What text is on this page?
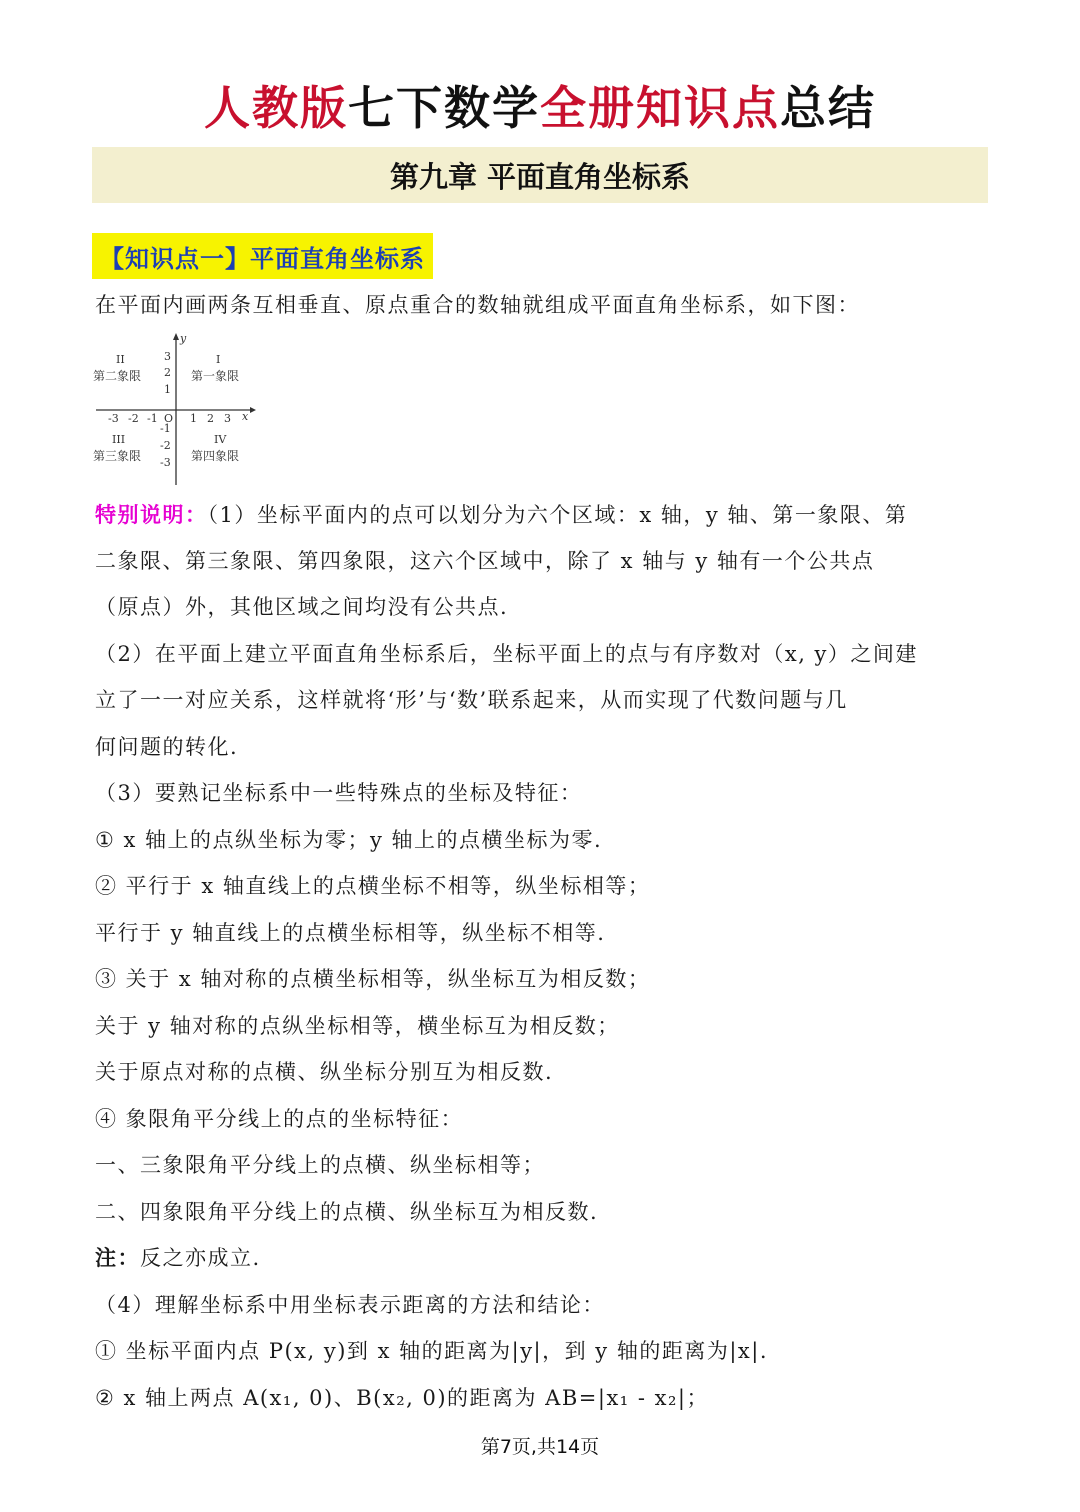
人教版七下数学全册知识点总结
第九章 平面直角坐标系
【知识点一】平面直角坐标系
在平面内画两条互相垂直、原点重合的数轴就组成平面直角坐标系，如下图：
y
x
O
II
第二象限
I
第一象限
III
第三象限
IV
第四象限
3
2
1
-1
-2
-3
1 2 3
-3 -2 -1
特别说明：（1）坐标平面内的点可以划分为六个区域：x 轴，y 轴、第一象限、第
二象限、第三象限、第四象限，这六个区域中，除了 x 轴与 y 轴有一个公共点
（原点）外，其他区域之间均没有公共点.
（2）在平面上建立平面直角坐标系后，坐标平面上的点与有序数对（x, y）之间建
立了一一对应关系，这样就将‘形’与‘数’联系起来，从而实现了代数问题与几
何问题的转化.
（3）要熟记坐标系中一些特殊点的坐标及特征：
① x 轴上的点纵坐标为零；y 轴上的点横坐标为零.
② 平行于 x 轴直线上的点横坐标不相等，纵坐标相等；
平行于 y 轴直线上的点横坐标相等，纵坐标不相等.
③ 关于 x 轴对称的点横坐标相等，纵坐标互为相反数；
关于 y 轴对称的点纵坐标相等，横坐标互为相反数；
关于原点对称的点横、纵坐标分别互为相反数.
④ 象限角平分线上的点的坐标特征：
一、三象限角平分线上的点横、纵坐标相等；
二、四象限角平分线上的点横、纵坐标互为相反数.
注：反之亦成立.
（4）理解坐标系中用坐标表示距离的方法和结论：
① 坐标平面内点 P(x, y)到 x 轴的距离为|y|，到 y 轴的距离为|x|.
② x 轴上两点 A(x₁, 0)、B(x₂, 0)的距离为 AB=|x₁ - x₂|；
第7页,共14页
